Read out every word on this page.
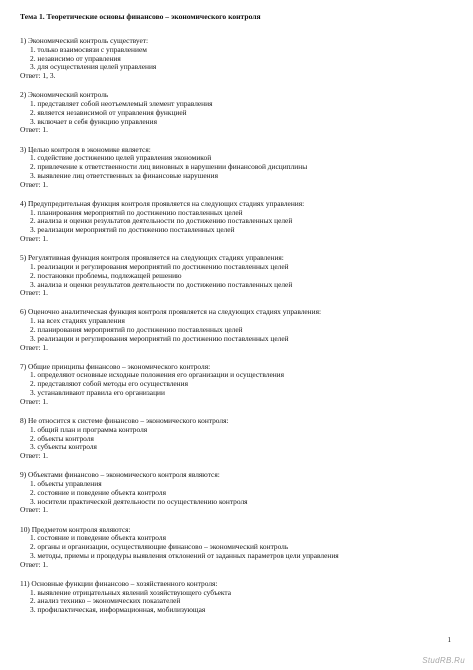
Тема 1. Теоретические основы финансово – экономического контроля
1) Экономический контроль существует:
1. только взаимосвязи с управлением
2. независимо от управления
3. для осуществления целей управления
Ответ: 1, 3.
2) Экономический контроль
1. представляет собой неотъемлемый элемент управления
2. является независимой от управления функцией
3. включает в себя функцию управления
Ответ: 1.
3) Целью контроля в экономике является:
1. содействие достижению целей управления экономикой
2. привлечение к ответственности лиц виновных в нарушении финансовой дисциплины
3. выявление лиц ответственных за финансовые нарушения
Ответ: 1.
4) Предупредительная функция контроля проявляется на следующих стадиях управления:
1. планирования мероприятий по достижению поставленных целей
2. анализа и оценки результатов деятельности по достижению поставленных целей
3. реализации мероприятий по достижению поставленных целей
Ответ: 1.
5) Регулятивная функция контроля проявляется на следующих стадиях управления:
1. реализации и регулирования мероприятий по достижению поставленных целей
2. постановки проблемы, подлежащей решению
3. анализа и оценки результатов деятельности по достижению поставленных целей
Ответ: 1.
6) Оценочно аналитическая функция контроля проявляется на следующих стадиях управления:
1. на всех стадиях управления
2. планирования мероприятий по достижению поставленных целей
3. реализации и регулирования мероприятий по достижению поставленных целей
Ответ: 1.
7) Общие принципы финансово – экономического контроля:
1. определяют основные исходные положения его организации и осуществления
2. представляют собой методы его осуществления
3. устанавливают правила его организации
Ответ: 1.
8) Не относится к системе финансово – экономического контроля:
1. общий план и программа контроля
2. объекты контроля
3. субъекты контроля
Ответ: 1.
9) Объектами финансово – экономического контроля являются:
1. объекты управления
2. состояние и поведение объекта контроля
3. носители практической деятельности по осуществлению контроля
Ответ: 1.
10) Предметом контроля являются:
1. состояние и поведение объекта контроля
2. органы и организации, осуществляющие финансово – экономический контроль
3. методы, приемы и процедуры выявления отклонений от заданных параметров цели управления
Ответ: 1.
11) Основные функции финансово – хозяйственного контроля:
1. выявление отрицательных явлений хозяйствующего субъекта
2. анализ технико – экономических показателей
3. профилактическая, информационная, мобилизующая
1
StudRB.Ru
